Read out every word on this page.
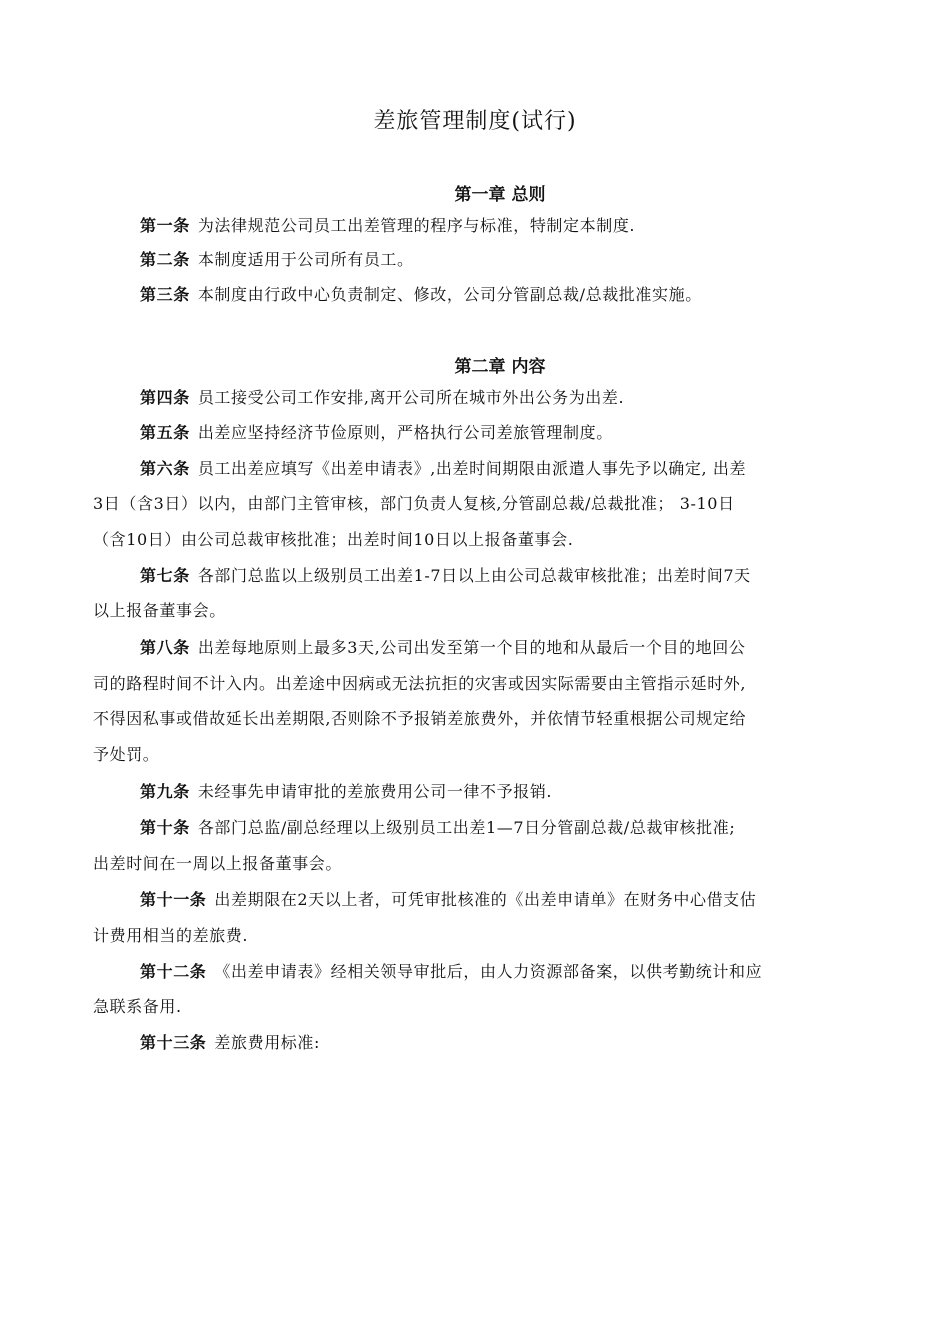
差旅管理制度(试行)
第一章 总则
第一条 为法律规范公司员工出差管理的程序与标准，特制定本制度.
第二条 本制度适用于公司所有员工。
第三条 本制度由行政中心负责制定、修改，公司分管副总裁/总裁批准实施。
第二章 内容
第四条 员工接受公司工作安排,离开公司所在城市外出公务为出差.
第五条 出差应坚持经济节俭原则，严格执行公司差旅管理制度。
第六条 员工出差应填写《出差申请表》,出差时间期限由派遣人事先予以确定, 出差
3日（含3日）以内，由部门主管审核，部门负责人复核,分管副总裁/总裁批准； 3-10日
（含10日）由公司总裁审核批准；出差时间10日以上报备董事会.
第七条 各部门总监以上级别员工出差1-7日以上由公司总裁审核批准；出差时间7天
以上报备董事会。
第八条 出差每地原则上最多3天,公司出发至第一个目的地和从最后一个目的地回公
司的路程时间不计入内。出差途中因病或无法抗拒的灾害或因实际需要由主管指示延时外,
不得因私事或借故延长出差期限,否则除不予报销差旅费外，并依情节轻重根据公司规定给
予处罚。
第九条 未经事先申请审批的差旅费用公司一律不予报销.
第十条 各部门总监/副总经理以上级别员工出差1—7日分管副总裁/总裁审核批准;
出差时间在一周以上报备董事会。
第十一条 出差期限在2天以上者，可凭审批核准的《出差申请单》在财务中心借支估
计费用相当的差旅费.
第十二条 《出差申请表》经相关领导审批后，由人力资源部备案，以供考勤统计和应
急联系备用.
第十三条 差旅费用标准:
